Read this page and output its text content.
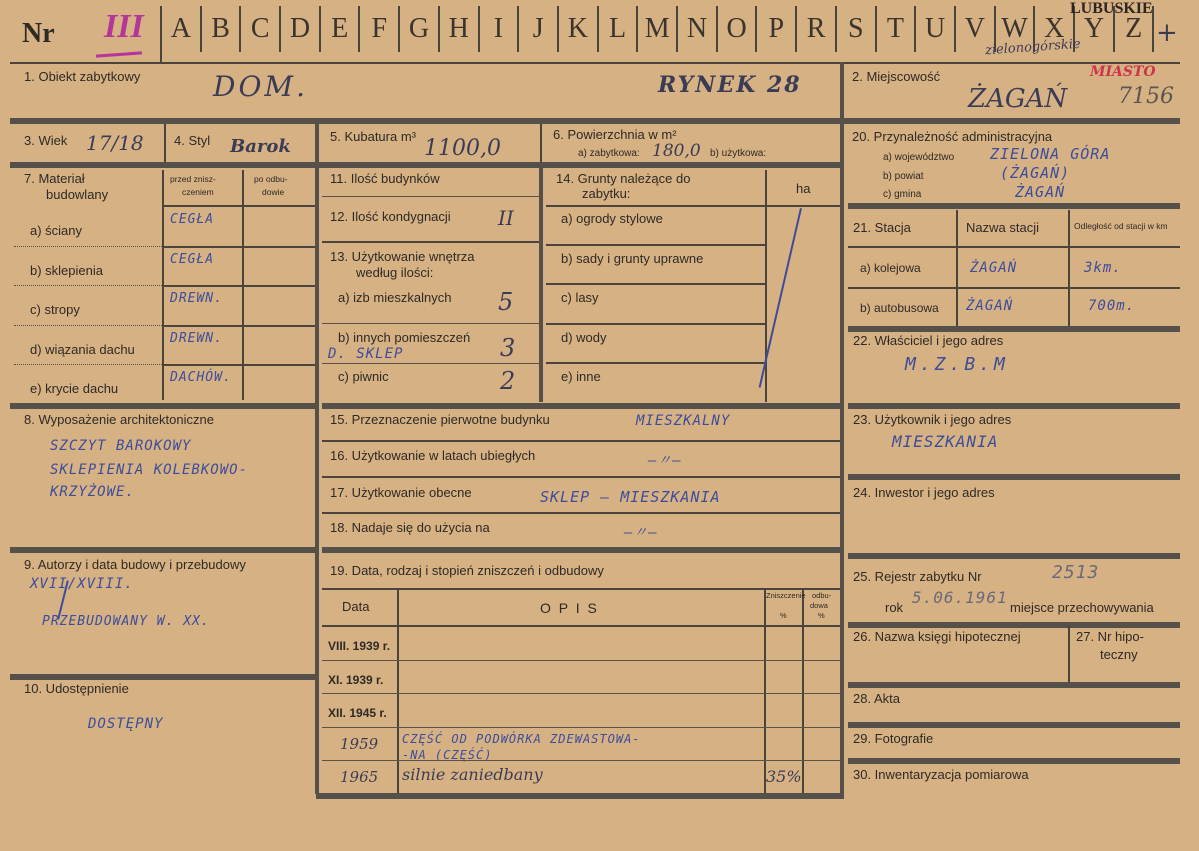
Nr III A B C D E F G H I	J K L M N O P R S T U V W X Y Z
LUBUSKIE
zielonogórskie	+
1. Obiekt zabytkowy	DOM.	RYNEK 28	2. Miejscowość	MIASTO
ŻAGAŃ 7156
3. Wiek 17/18 4. Styl Barok	5. Kubatura m³ 1100,0
6. Powierzchnia w m²
a) zabytkowa: 180,0 b) użytkowa:
20. Przynależność administracyjna
a) województwo ZIELONA GÓRA
b) powiat	(ŻAGAŃ)
c) gmina	ŻAGAŃ
7. Materiał
budowlany
przed znisz-
czeniem
po odbu-
dowie
a) ściany
CEGŁA
b) sklepienia
CEGŁA
c) stropy
DREWN.
d) wiązania dachu
DREWN.
e) krycie dachu
DACHÓW.
11. Ilość budynków
12. Ilość kondygnacji II
13. Użytkowanie wnętrza
według ilości:
a) izb mieszkalnych 5
b) innych pomieszczeń
D. SKLEP	3
c) piwnic	2
14. Grunty należące do
zabytku:	ha
a) ogrody stylowe
b) sady i grunty uprawne
c) lasy
d) wody
e) inne
21. Stacja	Nazwa stacji	Odległość od stacji w km
a) kolejowa	ŻAGAŃ	3km.
b) autobusowa ŻAGAŃ	700m.
22. Właściciel i jego adres
M.Z.B.M
8. Wyposażenie architektoniczne
SZCZYT BAROKOWY
SKLEPIENIA KOLEBKOWO-
KRZYŻOWE.
15. Przeznaczenie pierwotne budynku	MIESZKALNY
16. Użytkowanie w latach ubiegłych	—〃—
17. Użytkowanie obecne	SKLEP – MIESZKANIA
18. Nadaje się do użycia na	—〃—
23. Użytkownik i jego adres
MIESZKANIA
24. Inwestor i jego adres
9. Autorzy i data budowy i przebudowy
XVII/XVIII.
PRZEBUDOWANY W. XX.
19. Data, rodzaj i stopień zniszczeń i odbudowy
Data	O P I S
Zniszczenie
%
odbu-
dowa
%
VIII. 1939 r.
XI. 1939 r.
XII. 1945 r.
1959 CZĘŚĆ OD PODWÓRKA ZDEWASTOWA-
-NA (CZĘŚĆ)
1965 silnie zaniedbany	35%
25. Rejestr zabytku Nr	2513
rok
5.06.1961
miejsce przechowywania
26. Nazwa księgi hipotecznej	27. Nr hipo-
teczny
28. Akta
29. Fotografie
30. Inwentaryzacja pomiarowa
10. Udostępnienie
DOSTĘPNY
